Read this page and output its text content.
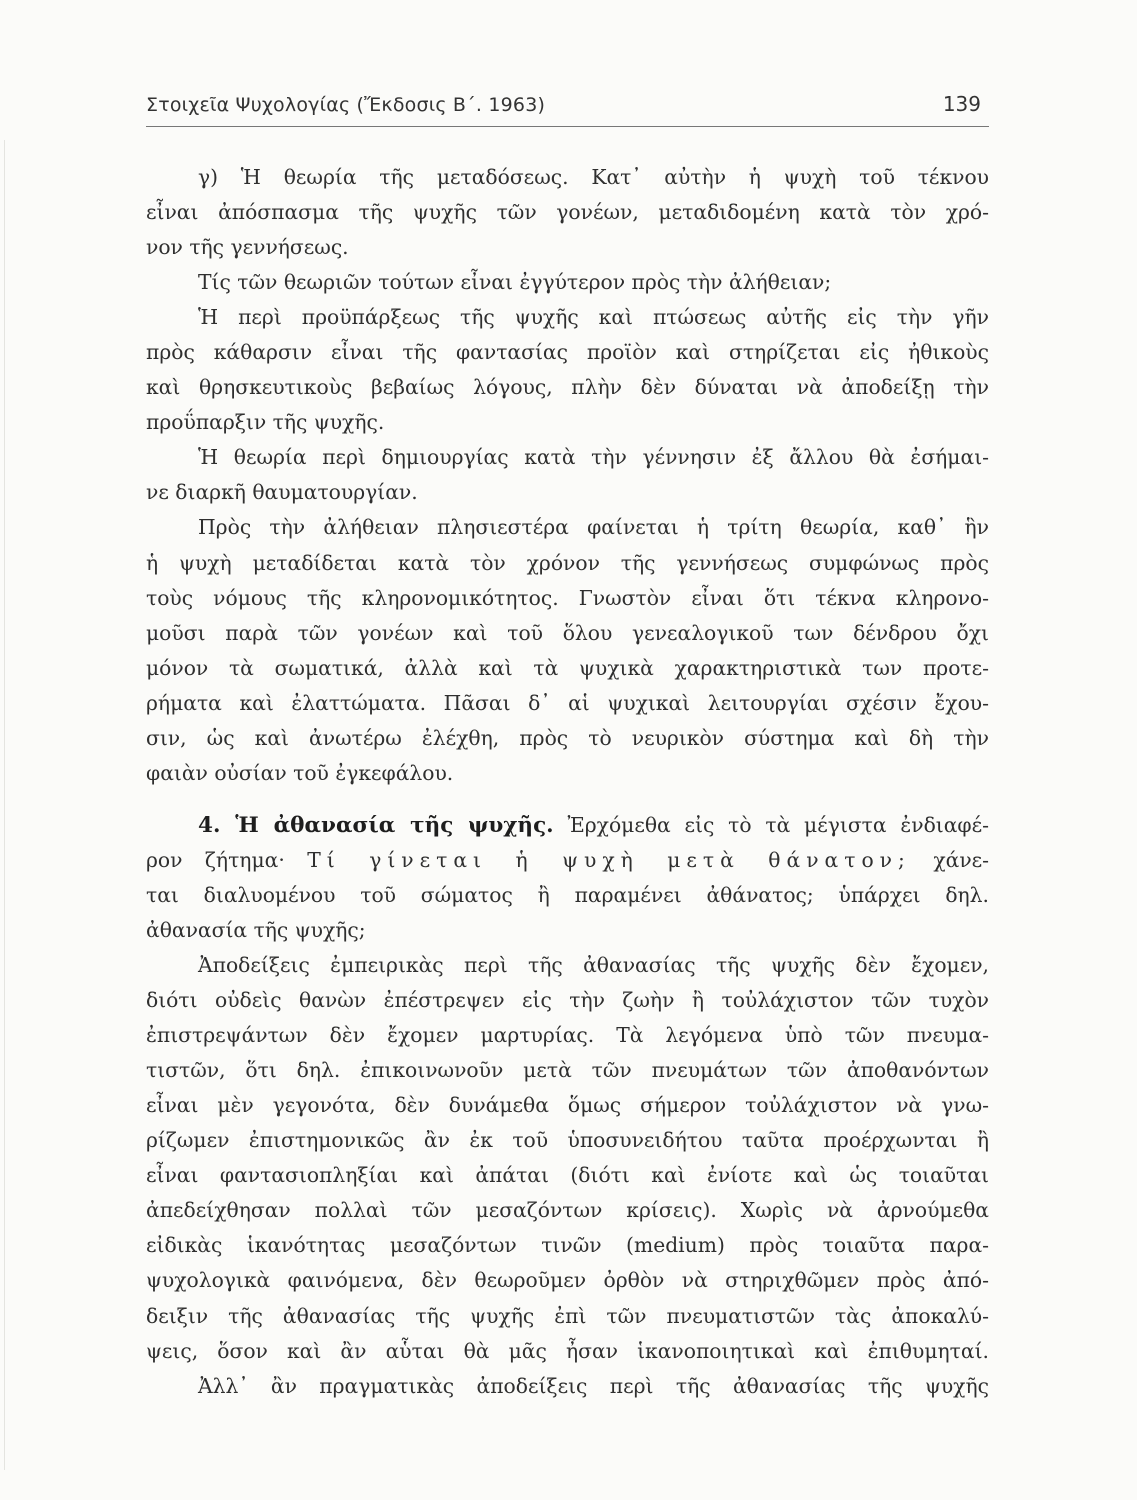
Στοιχεῖα Ψυχολογίας (Ἔκδοσις Β΄. 1963)	139
γ) Ἡ θεωρία τῆς μεταδόσεως. Κατ᾽ αὐτὴν ἡ ψυχὴ τοῦ τέκνου
εἶναι ἀπόσπασμα τῆς ψυχῆς τῶν γονέων, μεταδιδομένη κατὰ τὸν χρό-
νον τῆς γεννήσεως.
Τίς τῶν θεωριῶν τούτων εἶναι ἐγγύτερον πρὸς τὴν ἀλήθειαν;
Ἡ περὶ προϋπάρξεως τῆς ψυχῆς καὶ πτώσεως αὐτῆς εἰς τὴν γῆν
πρὸς κάθαρσιν εἶναι τῆς φαντασίας προϊὸν καὶ στηρίζεται εἰς ἠθικοὺς
καὶ θρησκευτικοὺς βεβαίως λόγους, πλὴν δὲν δύναται νὰ ἀποδείξῃ τὴν
προΰπαρξιν τῆς ψυχῆς.
Ἡ θεωρία περὶ δημιουργίας κατὰ τὴν γέννησιν ἐξ ἄλλου θὰ ἐσήμαι-
νε διαρκῆ θαυματουργίαν.
Πρὸς τὴν ἀλήθειαν πλησιεστέρα φαίνεται ἡ τρίτη θεωρία, καθ᾽ ἣν
ἡ ψυχὴ μεταδίδεται κατὰ τὸν χρόνον τῆς γεννήσεως συμφώνως πρὸς
τοὺς νόμους τῆς κληρονομικότητος. Γνωστὸν εἶναι ὅτι τέκνα κληρονο-
μοῦσι παρὰ τῶν γονέων καὶ τοῦ ὅλου γενεαλογικοῦ των δένδρου ὄχι
μόνον τὰ σωματικά, ἀλλὰ καὶ τὰ ψυχικὰ χαρακτηριστικὰ των προτε-
ρήματα καὶ ἐλαττώματα. Πᾶσαι δ᾽ αἱ ψυχικαὶ λειτουργίαι σχέσιν ἔχου-
σιν, ὡς καὶ ἀνωτέρω ἐλέχθη, πρὸς τὸ νευρικὸν σύστημα καὶ δὴ τὴν
φαιὰν οὐσίαν τοῦ ἐγκεφάλου.
4. Ἡ ἀθανασία τῆς ψυχῆς. Ἐρχόμεθα εἰς τὸ τὰ μέγιστα ἐνδιαφέ-
ρον ζήτημα· Τί γίνεται ἡ ψυχὴ μετὰ θάνατον; χάνε-
ται διαλυομένου τοῦ σώματος ἢ παραμένει ἀθάνατος; ὑπάρχει δηλ.
ἀθανασία τῆς ψυχῆς;
Ἀποδείξεις ἐμπειρικὰς περὶ τῆς ἀθανασίας τῆς ψυχῆς δὲν ἔχομεν,
διότι οὐδεὶς θανὼν ἐπέστρεψεν εἰς τὴν ζωὴν ἢ τοὐλάχιστον τῶν τυχὸν
ἐπιστρεψάντων δὲν ἔχομεν μαρτυρίας. Τὰ λεγόμενα ὑπὸ τῶν πνευμα-
τιστῶν, ὅτι δηλ. ἐπικοινωνοῦν μετὰ τῶν πνευμάτων τῶν ἀποθανόντων
εἶναι μὲν γεγονότα, δὲν δυνάμεθα ὅμως σήμερον τοὐλάχιστον νὰ γνω-
ρίζωμεν ἐπιστημονικῶς ἂν ἐκ τοῦ ὑποσυνειδήτου ταῦτα προέρχωνται ἢ
εἶναι φαντασιοπληξίαι καὶ ἀπάται (διότι καὶ ἐνίοτε καὶ ὡς τοιαῦται
ἀπεδείχθησαν πολλαὶ τῶν μεσαζόντων κρίσεις). Χωρὶς νὰ ἀρνούμεθα
εἰδικὰς ἱκανότητας μεσαζόντων τινῶν (medium) πρὸς τοιαῦτα παρα-
ψυχολογικὰ φαινόμενα, δὲν θεωροῦμεν ὀρθὸν νὰ στηριχθῶμεν πρὸς ἀπό-
δειξιν τῆς ἀθανασίας τῆς ψυχῆς ἐπὶ τῶν πνευματιστῶν τὰς ἀποκαλύ-
ψεις, ὅσον καὶ ἂν αὗται θὰ μᾶς ἦσαν ἱκανοποιητικαὶ καὶ ἐπιθυμηταί.
Ἀλλ᾽ ἂν πραγματικὰς ἀποδείξεις περὶ τῆς ἀθανασίας τῆς ψυχῆς
